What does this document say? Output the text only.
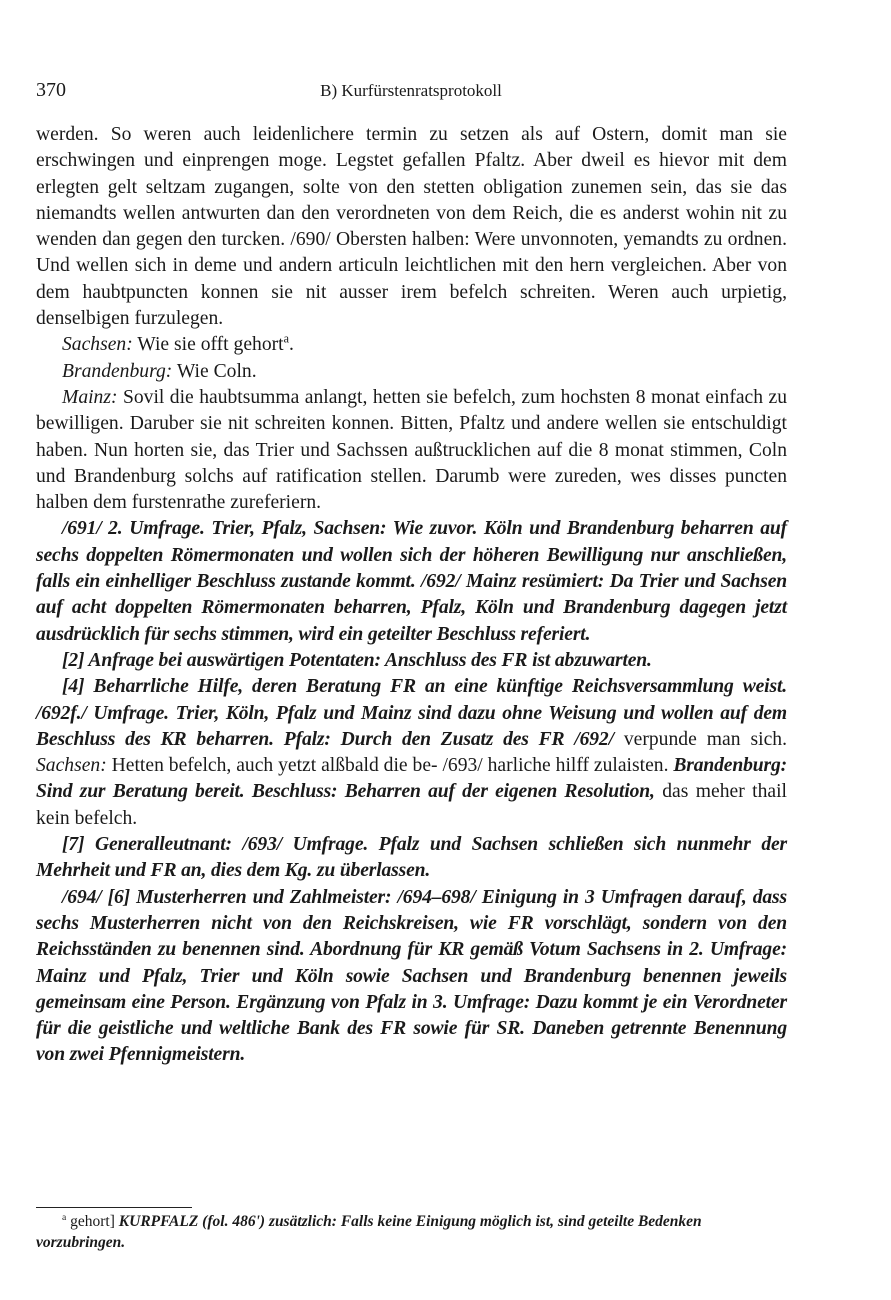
370	B) Kurfürstenratsprotokoll

werden. So weren auch leidenlichere termin zu setzen als auf Ostern, domit man sie erschwingen und einprengen moge. Legstet gefallen Pfaltz. Aber dweil es hievor mit dem erlegten gelt seltzam zugangen, solte von den stetten obligation zunemen sein, das sie das niemandts wellen antwurten dan den verordneten von dem Reich, die es anderst wohin nit zu wenden dan gegen den turcken. /690/ Obersten halben: Were unvonnoten, yemandts zu ordnen. Und wellen sich in deme und andern articuln leichtlichen mit den hern vergleichen. Aber von dem haubtpuncten konnen sie nit ausser irem befelch schreiten. Weren auch urpietig, denselbigen furzulegen.

Sachsen: Wie sie offt gehort$^a$.

Brandenburg: Wie Coln.

Mainz: Sovil die haubtsumma anlangt, hetten sie befelch, zum hochsten 8 monat einfach zu bewilligen. Daruber sie nit schreiten konnen. Bitten, Pfaltz und andere wellen sie entschuldigt haben. Nun horten sie, das Trier und Sachssen außtrucklichen auf die 8 monat stimmen, Coln und Brandenburg solchs auf ratification stellen. Darumb were zureden, wes disses puncten halben dem furstenrathe zureferiern.

/691/ 2. Umfrage. Trier, Pfalz, Sachsen: Wie zuvor. Köln und Brandenburg beharren auf sechs doppelten Römermonaten und wollen sich der höheren Bewilligung nur anschließen, falls ein einhelliger Beschluss zustande kommt. /692/ Mainz resümiert: Da Trier und Sachsen auf acht doppelten Römermonaten beharren, Pfalz, Köln und Brandenburg dagegen jetzt ausdrücklich für sechs stimmen, wird ein geteilter Beschluss referiert.

[2] Anfrage bei auswärtigen Potentaten: Anschluss des FR ist abzuwarten.

[4] Beharrliche Hilfe, deren Beratung FR an eine künftige Reichsversammlung weist. /692f./ Umfrage. Trier, Köln, Pfalz und Mainz sind dazu ohne Weisung und wollen auf dem Beschluss des KR beharren. Pfalz: Durch den Zusatz des FR /692/ verpunde man sich. Sachsen: Hetten befelch, auch yetzt alßbald die be- /693/ harliche hilff zulaisten. Brandenburg: Sind zur Beratung bereit. Beschluss: Beharren auf der eigenen Resolution, das meher thail kein befelch.

[7] Generalleutnant: /693/ Umfrage. Pfalz und Sachsen schließen sich nunmehr der Mehrheit und FR an, dies dem Kg. zu überlassen.

/694/ [6] Musterherren und Zahlmeister: /694–698/ Einigung in 3 Umfragen darauf, dass sechs Musterherren nicht von den Reichskreisen, wie FR vorschlägt, sondern von den Reichsständen zu benennen sind. Abordnung für KR gemäß Votum Sachsens in 2. Umfrage: Mainz und Pfalz, Trier und Köln sowie Sachsen und Brandenburg benennen jeweils gemeinsam eine Person. Ergänzung von Pfalz in 3. Umfrage: Dazu kommt je ein Verordneter für die geistliche und weltliche Bank des FR sowie für SR. Daneben getrennte Benennung von zwei Pfennigmeistern.

$^a$ gehort] KURPFALZ (fol. 486') zusätzlich: Falls keine Einigung möglich ist, sind geteilte Bedenken vorzubringen.
